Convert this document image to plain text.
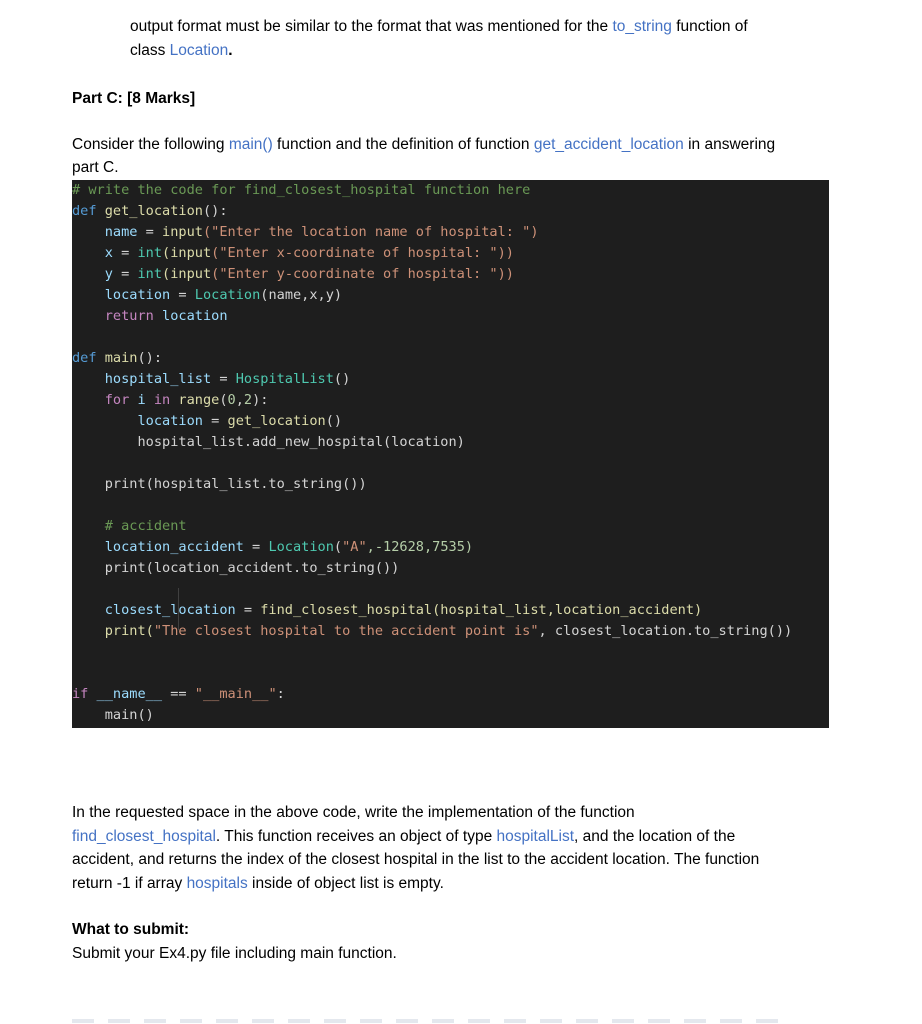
output format must be similar to the format that was mentioned for the to_string function of

class Location.

Part C: [8 Marks]

Consider the following main() function and the definition of function get_accident_location in answering

part C.

# write the code for find_closest_hospital function here

def get_location():

name = input("Enter the location name of hospital: ")

x = int(input("Enter x-coordinate of hospital: "))

y = int(input("Enter y-coordinate of hospital: "))

location = Location(name,x,y)

return location

def main():

hospital_list = HospitalList()

for i in range(0,2):

location = get_location()

hospital_list.add_new_hospital(location)

print(hospital_list.to_string())

# accident

location_accident = Location("A",-12628,7535)

print(location_accident.to_string())

closest_location = find_closest_hospital(hospital_list,location_accident)

print("The closest hospital to the accident point is", closest_location.to_string())

if __name__ == "__main__":

main()

In the requested space in the above code, write the implementation of the function

find_closest_hospital. This function receives an object of type hospitalList, and the location of the

accident, and returns the index of the closest hospital in the list to the accident location. The function

return -1 if array hospitals inside of object list is empty.

What to submit:

Submit your Ex4.py file including main function.
